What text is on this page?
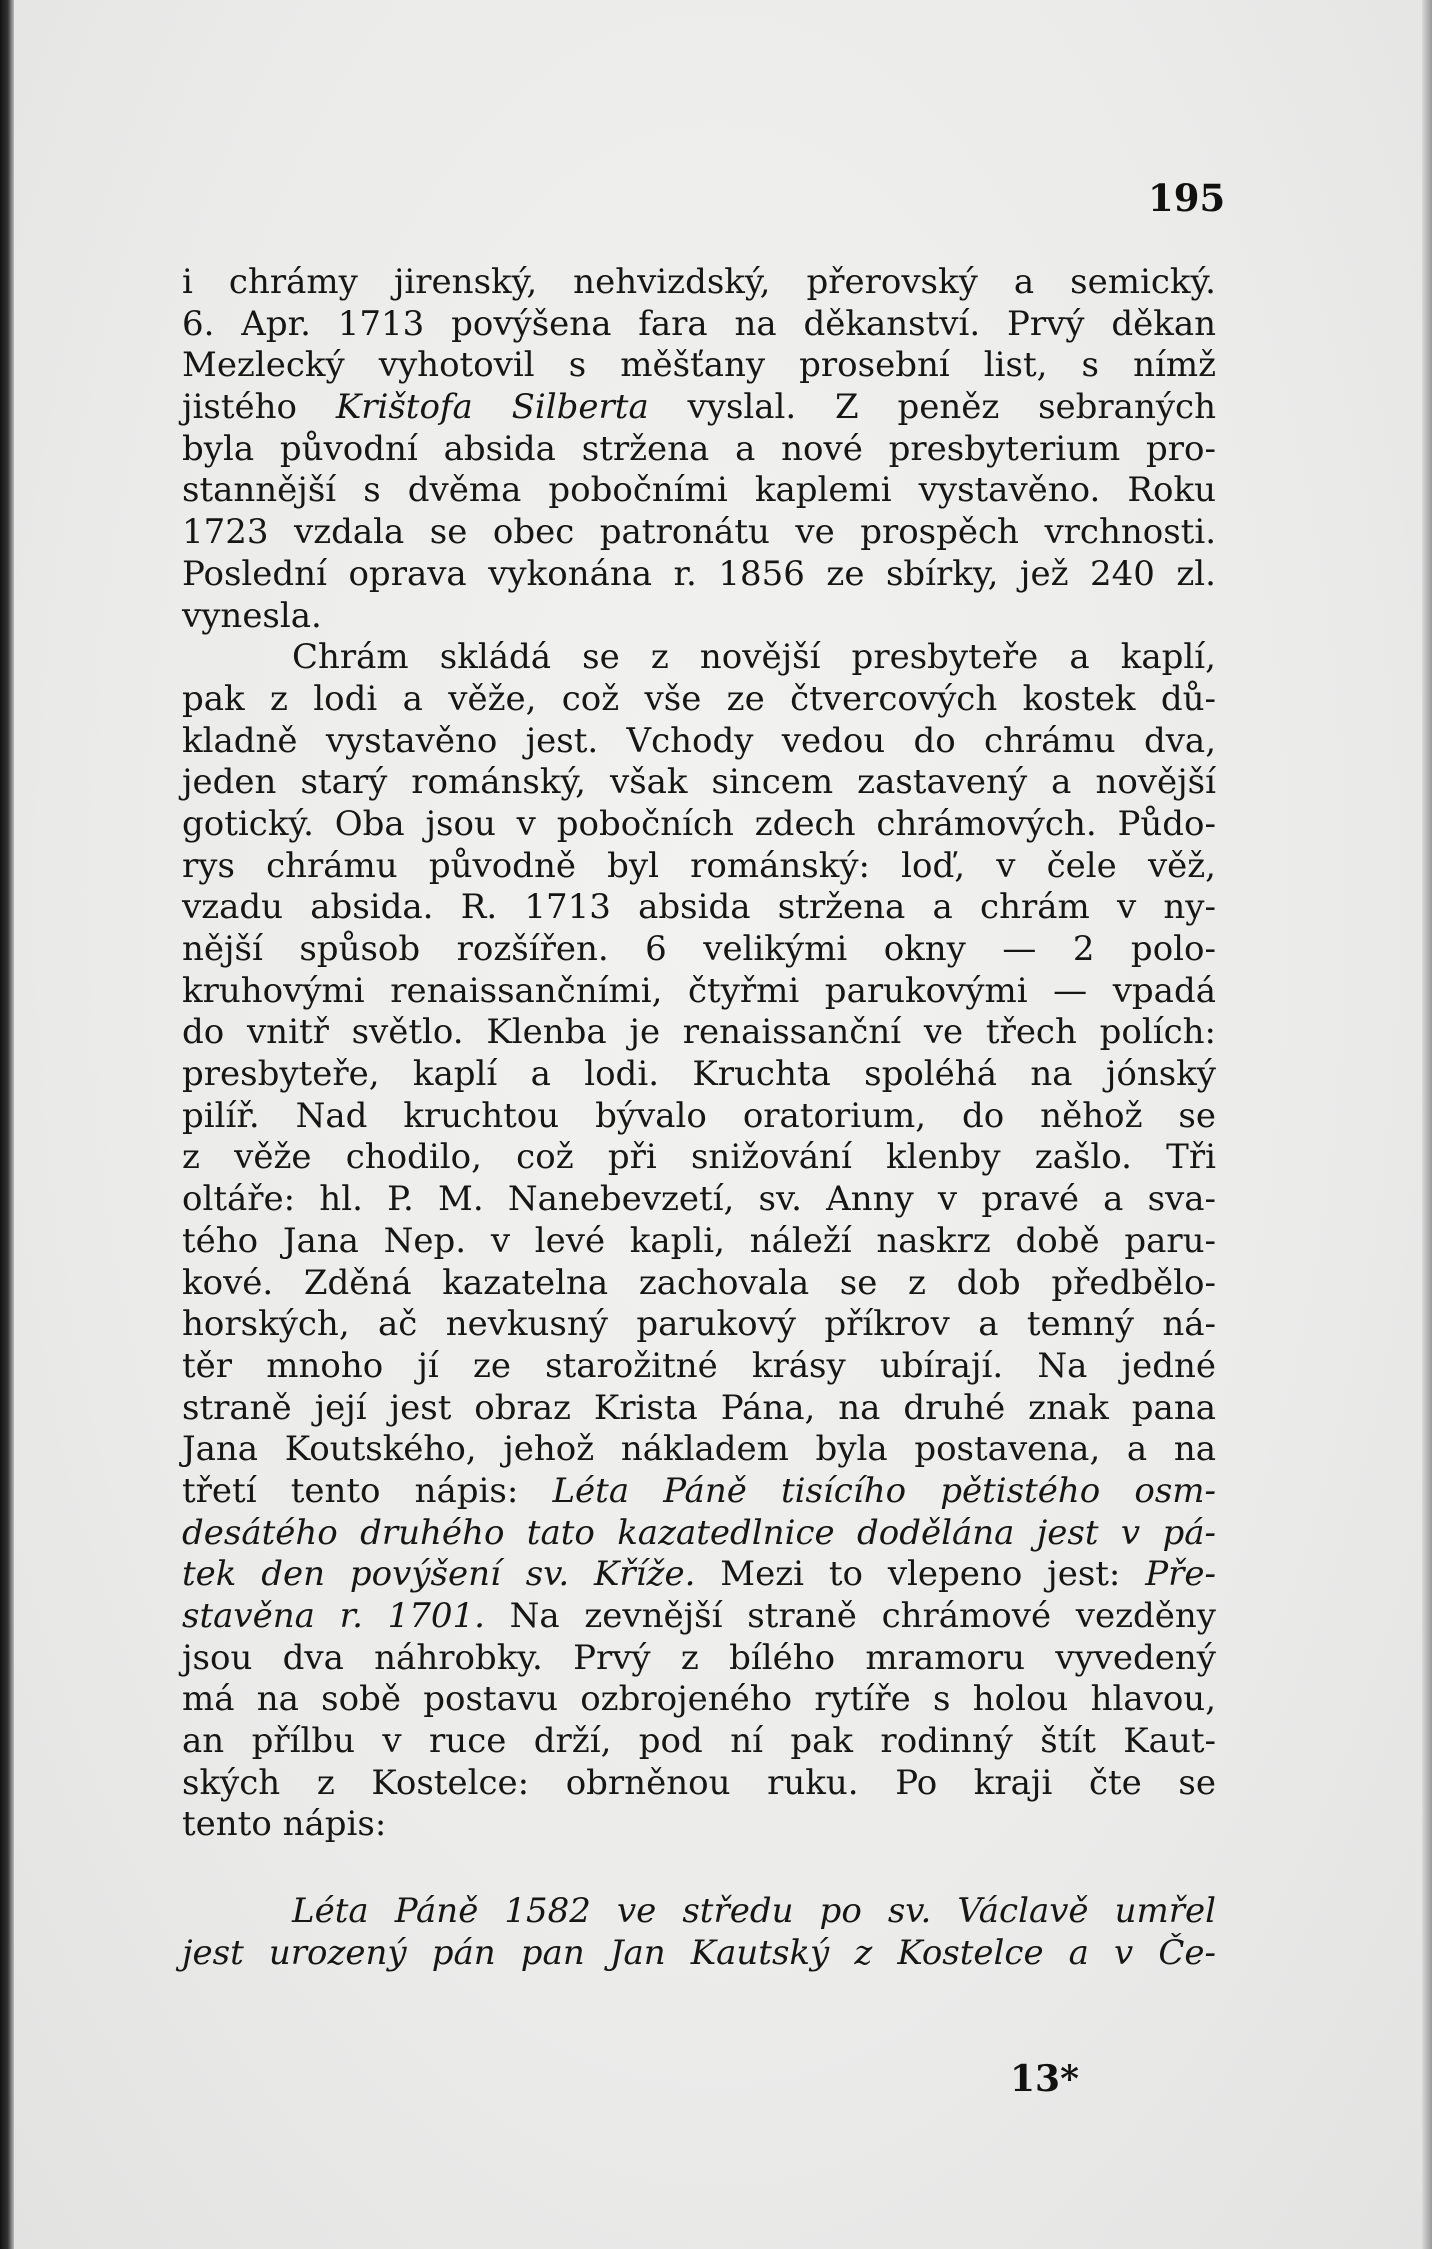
195
i chrámy jirenský, nehvizdský, přerovský a semický.
6. Apr. 1713 povýšena fara na děkanství. Prvý děkan
Mezlecký vyhotovil s měšťany prosební list, s nímž
jistého Krištofa Silberta vyslal. Z peněz sebraných
byla původní absida stržena a nové presbyterium pro-
stannější s dvěma pobočními kaplemi vystavěno. Roku
1723 vzdala se obec patronátu ve prospěch vrchnosti.
Poslední oprava vykonána r. 1856 ze sbírky, jež 240 zl.
vynesla.
Chrám skládá se z novější presbyteře a kaplí,
pak z lodi a věže, což vše ze čtvercových kostek dů-
kladně vystavěno jest. Vchody vedou do chrámu dva,
jeden starý románský, však sincem zastavený a novější
gotický. Oba jsou v pobočních zdech chrámových. Půdo-
rys chrámu původně byl románský: loď, v čele věž,
vzadu absida. R. 1713 absida stržena a chrám v ny-
nější spůsob rozšířen. 6 velikými okny — 2 polo-
kruhovými renaissančními, čtyřmi parukovými — vpadá
do vnitř světlo. Klenba je renaissanční ve třech polích:
presbyteře, kaplí a lodi. Kruchta spoléhá na jónský
pilíř. Nad kruchtou bývalo oratorium, do něhož se
z věže chodilo, což při snižování klenby zašlo. Tři
oltáře: hl. P. M. Nanebevzetí, sv. Anny v pravé a sva-
tého Jana Nep. v levé kapli, náleží naskrz době paru-
kové. Zděná kazatelna zachovala se z dob předbělo-
horských, ač nevkusný parukový příkrov a temný ná-
těr mnoho jí ze starožitné krásy ubírají. Na jedné
straně její jest obraz Krista Pána, na druhé znak pana
Jana Koutského, jehož nákladem byla postavena, a na
třetí tento nápis: Léta Páně tisícího pětistého osm-
desátého druhého tato kazatedlnice dodělána jest v pá-
tek den povýšení sv. Kříže. Mezi to vlepeno jest: Pře-
stavěna r. 1701. Na zevnější straně chrámové vezděny
jsou dva náhrobky. Prvý z bílého mramoru vyvedený
má na sobě postavu ozbrojeného rytíře s holou hlavou,
an přílbu v ruce drží, pod ní pak rodinný štít Kaut-
ských z Kostelce: obrněnou ruku. Po kraji čte se
tento nápis:
Léta Páně 1582 ve středu po sv. Václavě umřel
jest urozený pán pan Jan Kautský z Kostelce a v Če-
13*
